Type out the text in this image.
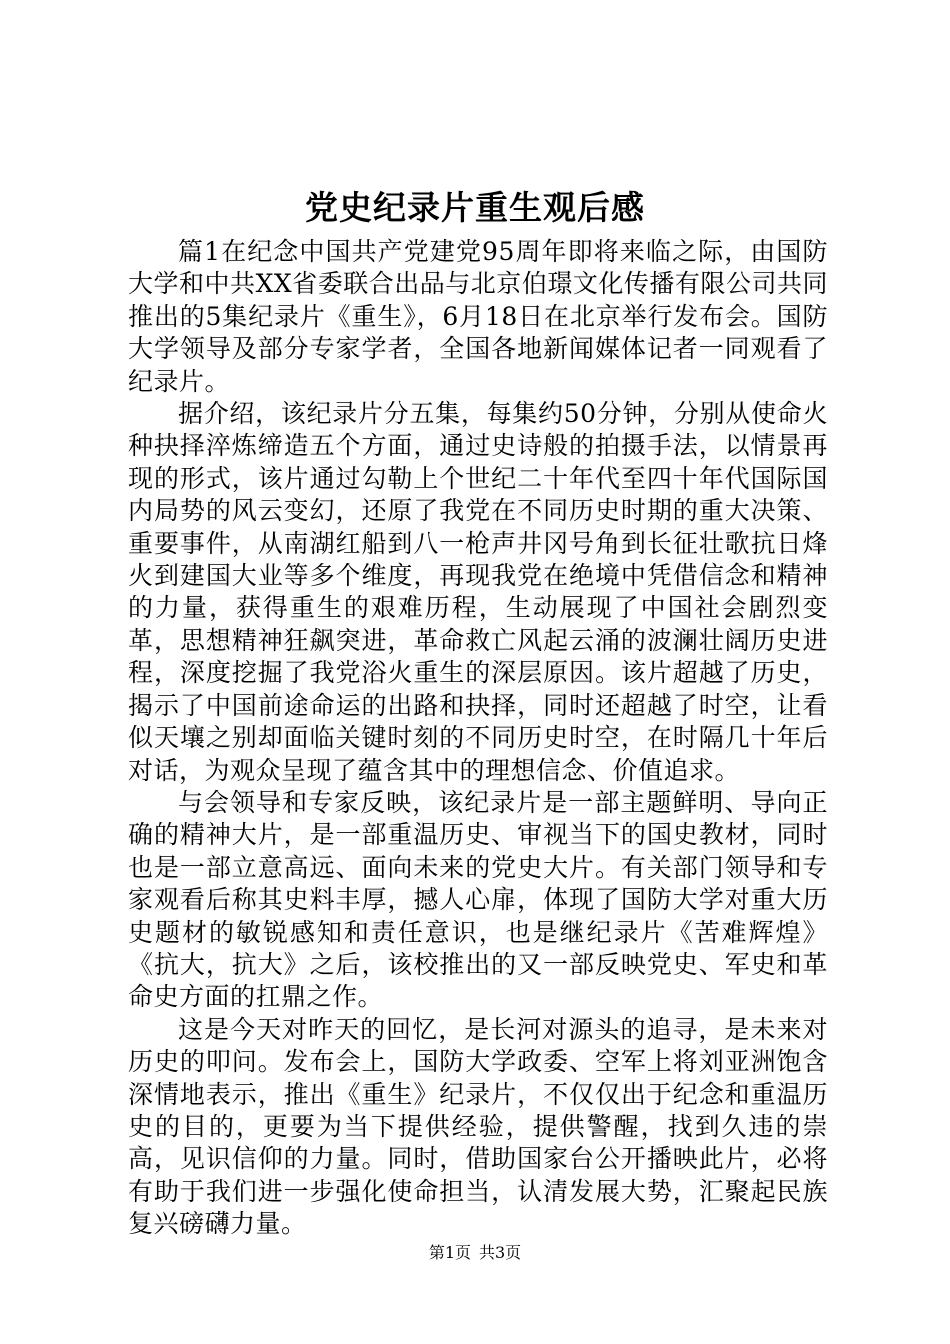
党史纪录片重生观后感

篇1在纪念中国共产党建党95周年即将来临之际，由国防大学和中共XX省委联合出品与北京伯璟文化传播有限公司共同推出的5集纪录片《重生》，6月18日在北京举行发布会。国防大学领导及部分专家学者，全国各地新闻媒体记者一同观看了纪录片。

据介绍，该纪录片分五集，每集约50分钟，分别从使命火种抉择淬炼缔造五个方面，通过史诗般的拍摄手法，以情景再现的形式，该片通过勾勒上个世纪二十年代至四十年代国际国内局势的风云变幻，还原了我党在不同历史时期的重大决策、重要事件，从南湖红船到八一枪声井冈号角到长征壮歌抗日烽火到建国大业等多个维度，再现我党在绝境中凭借信念和精神的力量，获得重生的艰难历程，生动展现了中国社会剧烈变革，思想精神狂飙突进，革命救亡风起云涌的波澜壮阔历史进程，深度挖掘了我党浴火重生的深层原因。该片超越了历史，揭示了中国前途命运的出路和抉择，同时还超越了时空，让看似天壤之别却面临关键时刻的不同历史时空，在时隔几十年后对话，为观众呈现了蕴含其中的理想信念、价值追求。

与会领导和专家反映，该纪录片是一部主题鲜明、导向正确的精神大片，是一部重温历史、审视当下的国史教材，同时也是一部立意高远、面向未来的党史大片。有关部门领导和专家观看后称其史料丰厚，撼人心扉，体现了国防大学对重大历史题材的敏锐感知和责任意识，也是继纪录片《苦难辉煌》《抗大，抗大》之后，该校推出的又一部反映党史、军史和革命史方面的扛鼎之作。

这是今天对昨天的回忆，是长河对源头的追寻，是未来对历史的叩问。发布会上，国防大学政委、空军上将刘亚洲饱含深情地表示，推出《重生》纪录片，不仅仅出于纪念和重温历史的目的，更要为当下提供经验，提供警醒，找到久违的崇高，见识信仰的力量。同时，借助国家台公开播映此片，必将有助于我们进一步强化使命担当，认清发展大势，汇聚起民族复兴磅礴力量。

第1页 共3页
